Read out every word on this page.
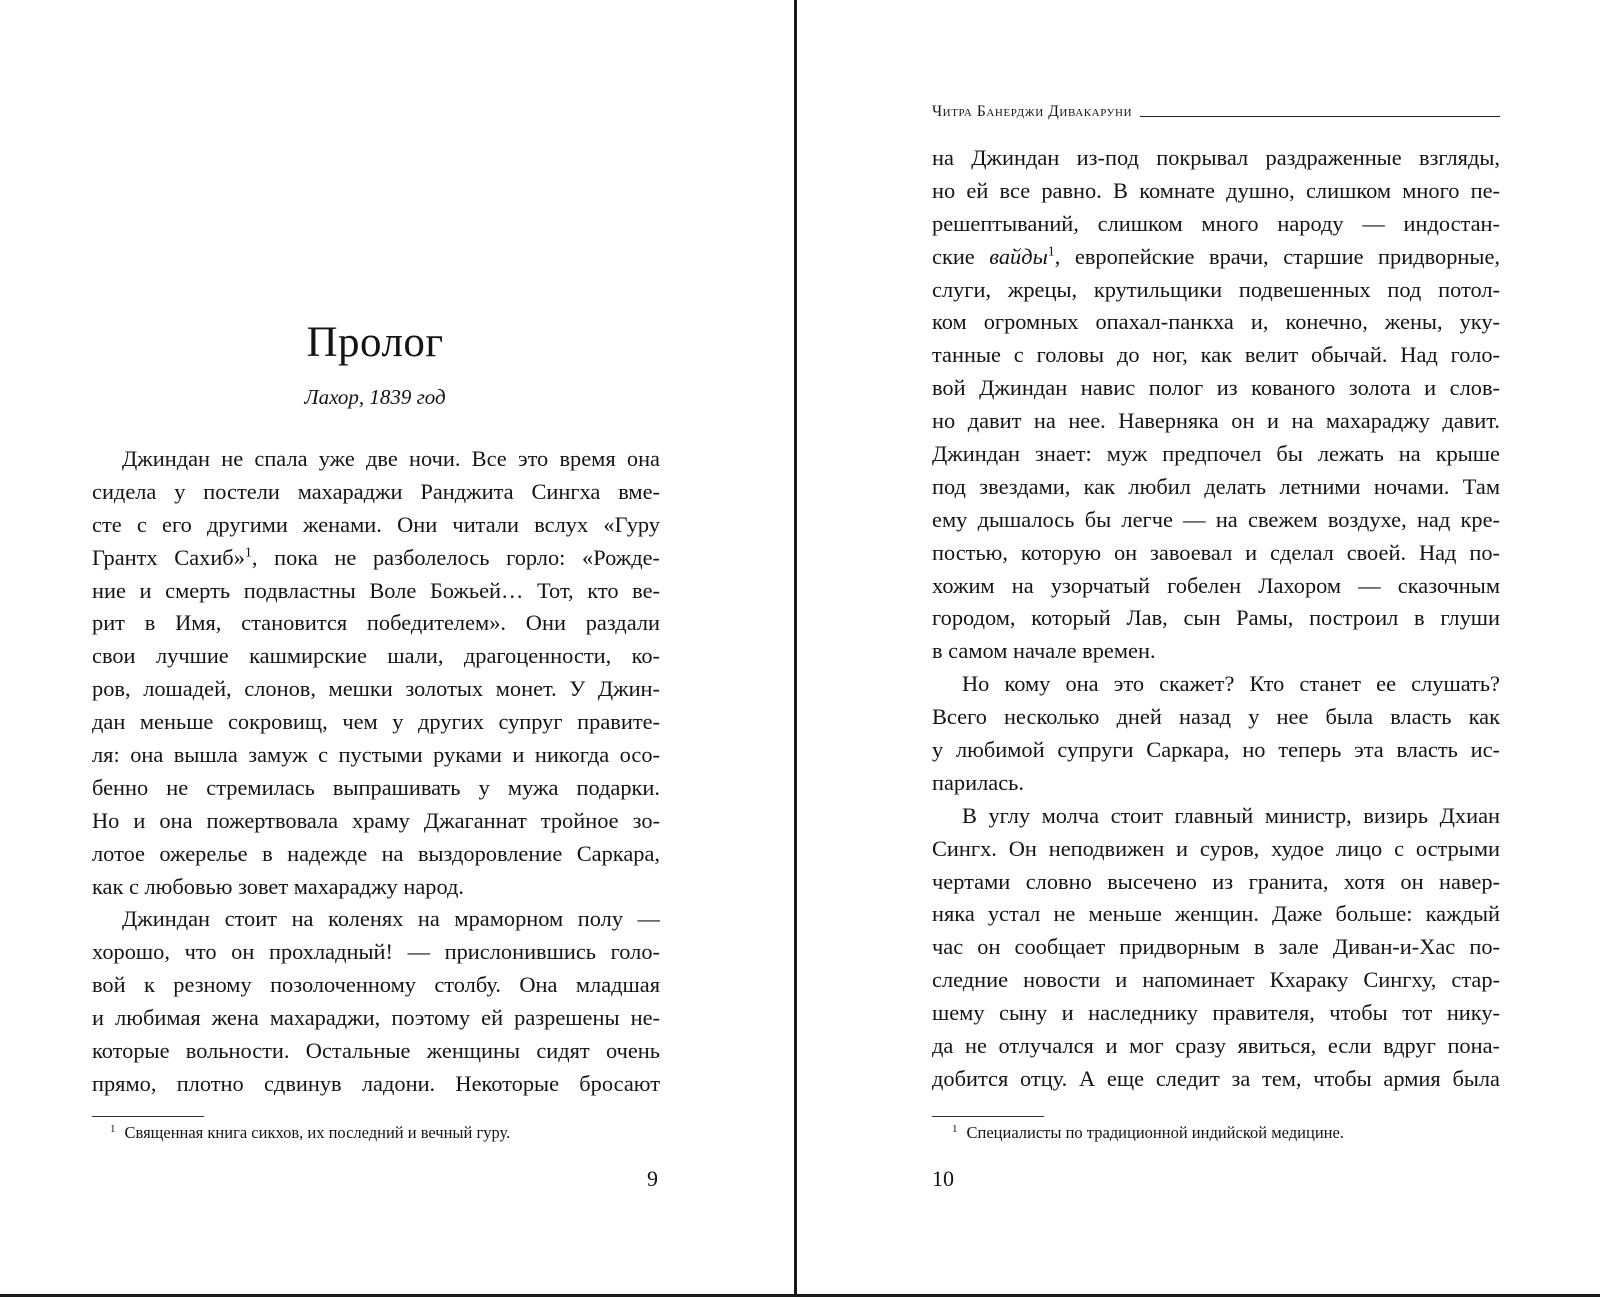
Пролог
Лахор, 1839 год
Джиндан не спала уже две ночи. Все это время она
сидела у постели махараджи Ранджита Сингха вме-
сте с его другими женами. Они читали вслух «Гуру
Грантх Сахиб»$^1$, пока не разболелось горло: «Рожде-
ние и смерть подвластны Воле Божьей… Тот, кто ве-
рит в Имя, становится победителем». Они раздали
свои лучшие кашмирские шали, драгоценности, ко-
ров, лошадей, слонов, мешки золотых монет. У Джин-
дан меньше сокровищ, чем у других супруг правите-
ля: она вышла замуж с пустыми руками и никогда осо-
бенно не стремилась выпрашивать у мужа подарки.
Но и она пожертвовала храму Джаганнат тройное зо-
лотое ожерелье в надежде на выздоровление Саркара,
как с любовью зовет махараджу народ.
Джиндан стоит на коленях на мраморном полу —
хорошо, что он прохладный! — прислонившись голо-
вой к резному позолоченному столбу. Она младшая
и любимая жена махараджи, поэтому ей разрешены не-
которые вольности. Остальные женщины сидят очень
прямо, плотно сдвинув ладони. Некоторые бросают
$^1$ Священная книга сикхов, их последний и вечный гуру.
9
Читра Банерджи Дивакаруни
на Джиндан из-под покрывал раздраженные взгляды,
но ей все равно. В комнате душно, слишком много пе-
решептываний, слишком много народу — индостан-
ские вайды$^1$, европейские врачи, старшие придворные,
слуги, жрецы, крутильщики подвешенных под потол-
ком огромных опахал-панкха и, конечно, жены, уку-
танные с головы до ног, как велит обычай. Над голо-
вой Джиндан навис полог из кованого золота и слов-
но давит на нее. Наверняка он и на махараджу давит.
Джиндан знает: муж предпочел бы лежать на крыше
под звездами, как любил делать летними ночами. Там
ему дышалось бы легче — на свежем воздухе, над кре-
постью, которую он завоевал и сделал своей. Над по-
хожим на узорчатый гобелен Лахором — сказочным
городом, который Лав, сын Рамы, построил в глуши
в самом начале времен.
Но кому она это скажет? Кто станет ее слушать?
Всего несколько дней назад у нее была власть как
у любимой супруги Саркара, но теперь эта власть ис-
парилась.
В углу молча стоит главный министр, визирь Дхиан
Сингх. Он неподвижен и суров, худое лицо с острыми
чертами словно высечено из гранита, хотя он навер-
няка устал не меньше женщин. Даже больше: каждый
час он сообщает придворным в зале Диван-и-Хас по-
следние новости и напоминает Кхараку Сингху, стар-
шему сыну и наследнику правителя, чтобы тот нику-
да не отлучался и мог сразу явиться, если вдруг пона-
добится отцу. А еще следит за тем, чтобы армия была
$^1$ Специалисты по традиционной индийской медицине.
10
